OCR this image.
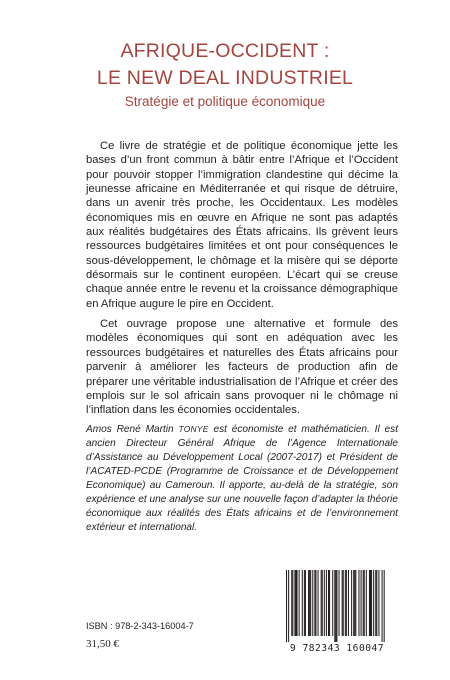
AFRIQUE-OCCIDENT :
LE NEW DEAL INDUSTRIEL
Stratégie et politique économique

Ce livre de stratégie et de politique économique jette les bases d’un front commun à bâtir entre l’Afrique et l’Occident pour pouvoir stopper l’immigration clandestine qui décime la jeunesse africaine en Méditerranée et qui risque de détruire, dans un avenir très proche, les Occidentaux. Les modèles économiques mis en œuvre en Afrique ne sont pas adaptés aux réalités budgétaires des États africains. Ils grèvent leurs ressources budgétaires limitées et ont pour conséquences le sous-développement, le chômage et la misère qui se déporte désormais sur le continent européen. L’écart qui se creuse chaque année entre le revenu et la croissance démographique en Afrique augure le pire en Occident.

Cet ouvrage propose une alternative et formule des modèles économiques qui sont en adéquation avec les ressources budgétaires et naturelles des États africains pour parvenir à améliorer les facteurs de production afin de préparer une véritable industrialisation de l’Afrique et créer des emplois sur le sol africain sans provoquer ni le chômage ni l’inflation dans les économies occidentales.

Amos René Martin TONYE est économiste et mathématicien. Il est ancien Directeur Général Afrique de l’Agence Internationale d’Assistance au Développement Local (2007-2017) et Président de l’ACATED-PCDE (Programme de Croissance et de Développement Economique) au Cameroun. Il apporte, au-delà de la stratégie, son expérience et une analyse sur une nouvelle façon d’adapter la théorie économique aux réalités des États africains et de l’environnement extérieur et international.
ISBN : 978-2-343-16004-7
31,50 €	9 782343 160047
